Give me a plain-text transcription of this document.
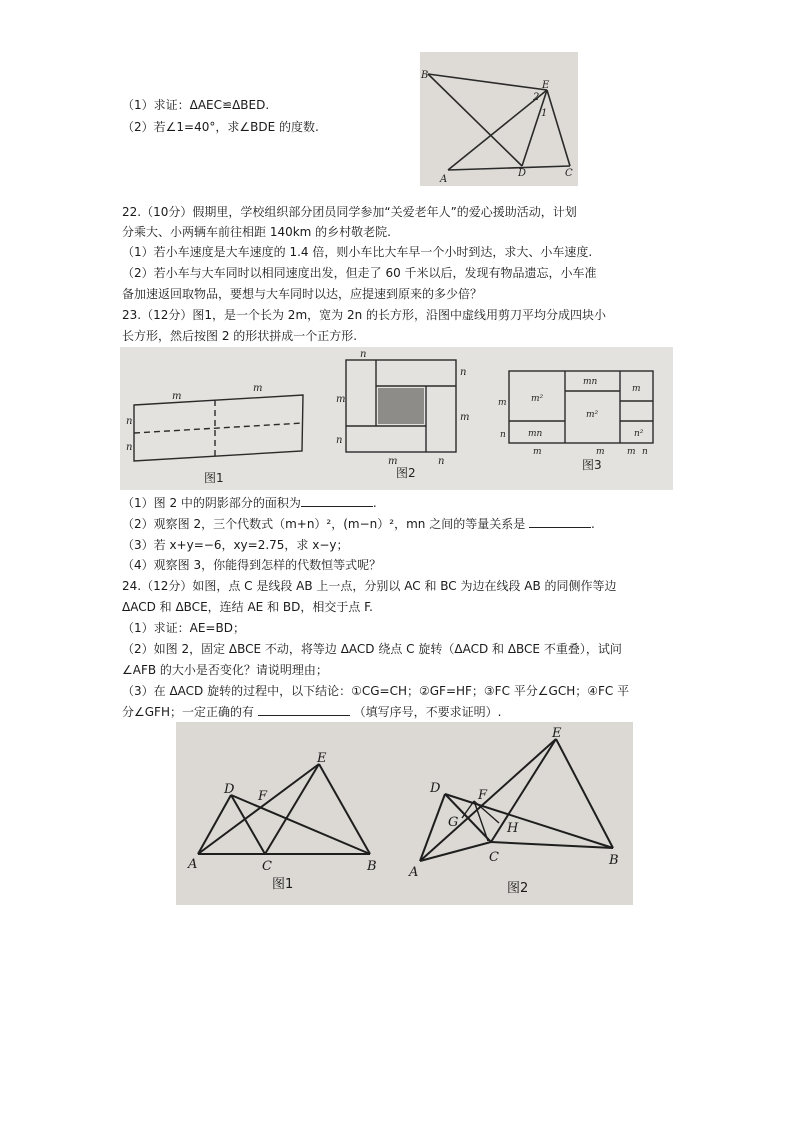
（1）求证：ΔAEC≌ΔBED.
（2）若∠1=40°，求∠BDE 的度数.
B
E
2
1
A
D	C
22.（10分）假期里，学校组织部分团员同学参加“关爱老年人”的爱心援助活动，计划
分乘大、小两辆车前往相距 140km 的乡村敬老院.
（1）若小车速度是大车速度的 1.4 倍，则小车比大车早一个小时到达，求大、小车速度.
（2）若小车与大车同时以相同速度出发，但走了 60 千米以后，发现有物品遗忘，小车准
备加速返回取物品，要想与大车同时以达，应提速到原来的多少倍？
23.（12分）图1，是一个长为 2m，宽为 2n 的长方形，沿图中虚线用剪刀平均分成四块小
长方形，然后按图 2 的形状拼成一个正方形.
m
m
n
n
图1
n
n
m
m
n
m	n
图2
mn
m²
m²
m
mn	n²
m
n
m	m m n
图3
（1）图 2 中的阴影部分的面积为	.
（2）观察图 2，三个代数式（m+n）²，(m−n）²，mn 之间的等量关系是	.
（3）若 x+y=−6，xy=2.75，求 x−y；
（4）观察图 3，你能得到怎样的代数恒等式呢？
24.（12分）如图，点 C 是线段 AB 上一点，分别以 AC 和 BC 为边在线段 AB 的同侧作等边
ΔACD 和 ΔBCE，连结 AE 和 BD，相交于点 F.
（1）求证：AE=BD；
（2）如图 2，固定 ΔBCE 不动，将等边 ΔACD 绕点 C 旋转（ΔACD 和 ΔBCE 不重叠），试问
∠AFB 的大小是否变化？请说明理由；
（3）在 ΔACD 旋转的过程中，以下结论：①CG=CH；②GF=HF；③FC 平分∠GCH；④FC 平
分∠GFH；一定正确的有	（填写序号，不要求证明）.
D
E
F
A	C	B
图1
D
E
F
G	H
A
C	B
图2
